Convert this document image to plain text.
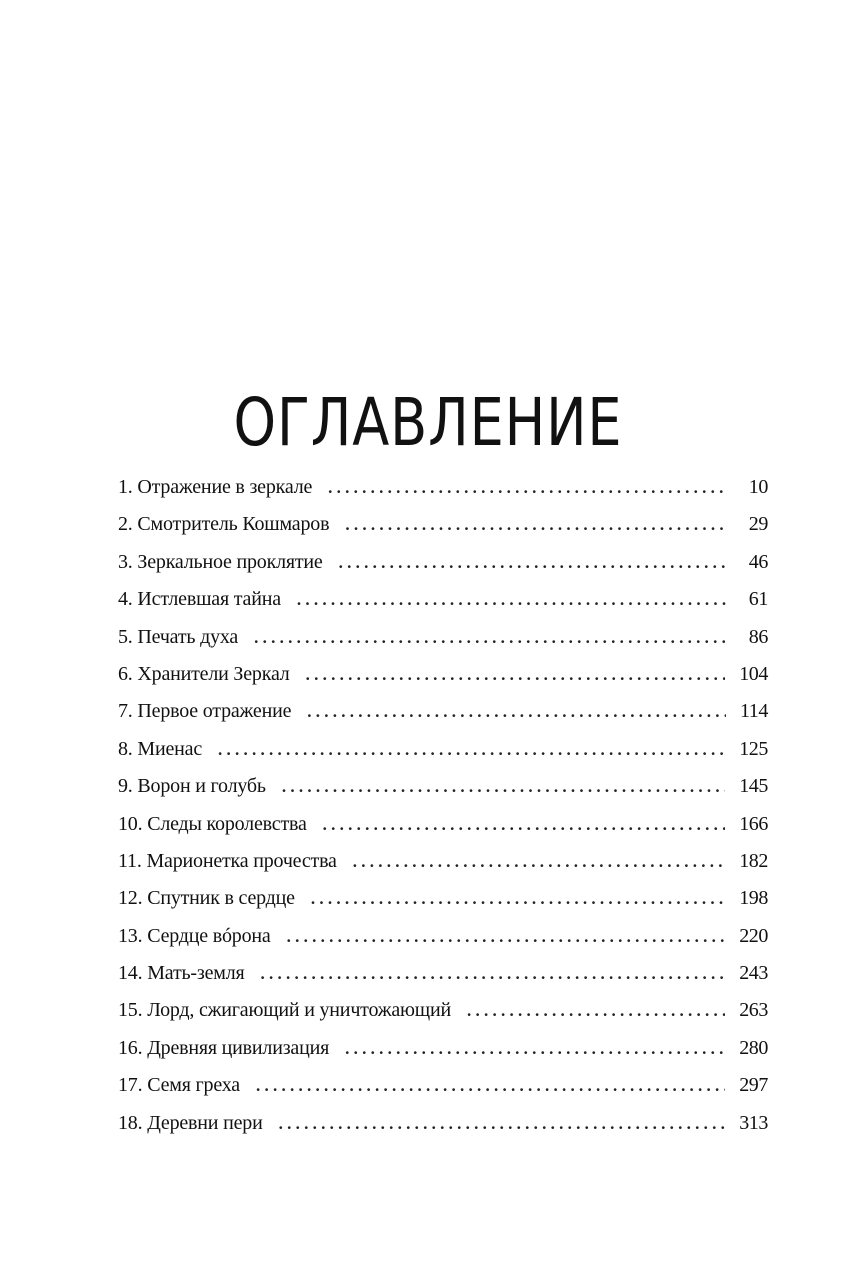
ОГЛАВЛЕНИЕ
1. Отражение в зеркале . . .	10
2. Смотритель Кошмаров . . .	29
3. Зеркальное проклятие . . .	46
4. Истлевшая тайна . . .	61
5. Печать духа . . .	86
6. Хранители Зеркал . . .	104
7. Первое отражение . . .	114
8. Миенас . . .	125
9. Ворон и голубь . . .	145
10. Следы королевства . . .	166
11. Марионетка прочества . . .	182
12. Спутник в сердце . . .	198
13. Сердце вóрона . . .	220
14. Мать-земля . . .	243
15. Лорд, сжигающий и уничтожающий . . .	263
16. Древняя цивилизация . . .	280
17. Семя греха . . .	297
18. Деревни пери . . .	313
